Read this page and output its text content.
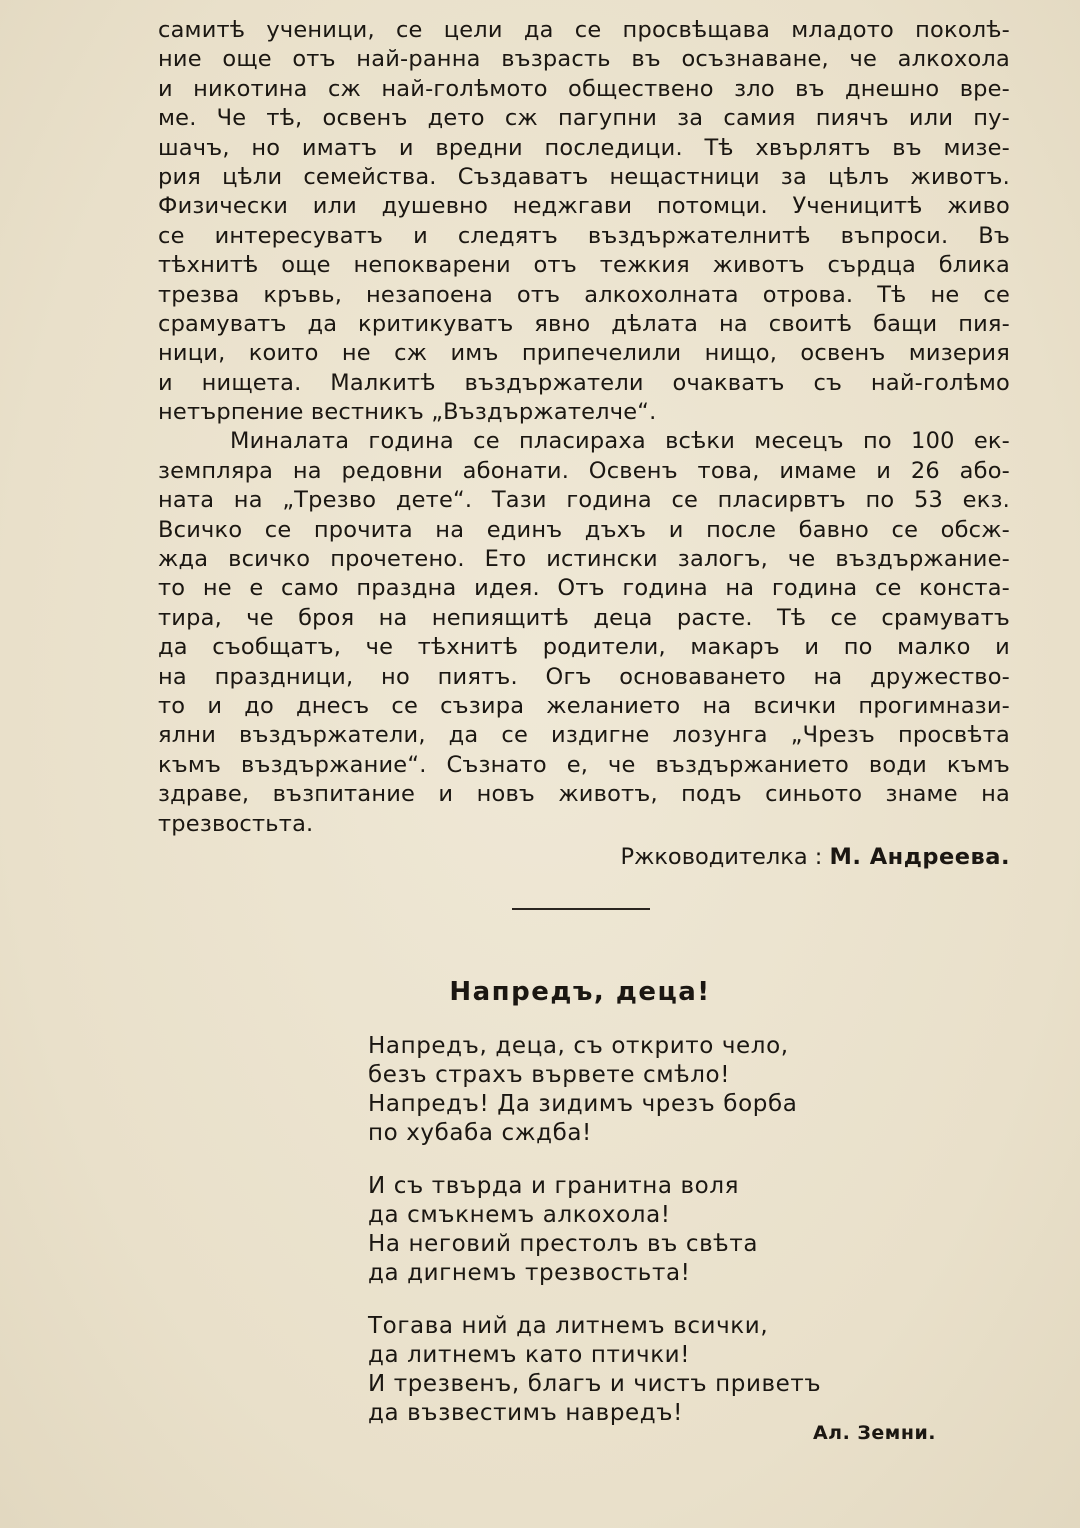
самитѣ ученици, се цели да се просвѣщава младото поколѣ-
ние още отъ най-ранна възрасть въ осъзнаване, че алкохола
и никотина сж най-голѣмото обществено зло въ днешно вре-
ме. Че тѣ, освенъ дето сж пагупни за самия пиячъ или пу-
шачъ, но иматъ и вредни последици. Тѣ хвърлятъ въ мизе-
рия цѣли семейства. Създаватъ нещастници за цѣлъ животъ.
Физически или душевно неджгави потомци. Ученицитѣ живо
се интересуватъ и следятъ въздържателнитѣ въпроси. Въ
тѣхнитѣ още непокварени отъ тежкия животъ сърдца блика
трезва кръвь, незапоена отъ алкохолната отрова. Тѣ не се
срамуватъ да критикуватъ явно дѣлата на своитѣ бащи пия-
ници, които не сж имъ припечелили нищо, освенъ мизерия
и нищета. Малкитѣ въздържатели очакватъ съ най-голѣмо
нетърпение вестникъ „Въздържателче“.
Миналата година се пласираха всѣки месецъ по 100 ек-
земпляра на редовни абонати. Освенъ това, имаме и 26 або-
ната на „Трезво дете“. Тази година се пласирвтъ по 53 екз.
Всичко се прочита на единъ дъхъ и после бавно се обсж-
жда всичко прочетено. Ето истински залогъ, че въздържание-
то не е само празднa идея. Отъ година на година се конста-
тира, че броя на непиящитѣ деца расте. Тѣ се срамуватъ
да съобщатъ, че тѣхнитѣ родители, макаръ и по малко и
на праздници, но пиятъ. Огъ основаването на дружество-
то и до днесъ се съзира желанието на всички прогимнази-
ялни въздържатели, да се издигне лозунга „Чрезъ просвѣта
къмъ въздържание“. Съзнато е, че въздържанието води къмъ
здраве, възпитание и новъ животъ, подъ синьото знаме на
трезвостьта.
Ржководителка : М. Андреева.
Напредъ, деца!
Напредъ, деца, съ открито чело,
безъ страхъ вървете смѣло!
Напредъ! Да зидимъ чрезъ борба
по хубаба сждба!
И съ твърда и гранитна воля
да смъкнемъ алкохола!
На неговий престолъ въ свѣта
да дигнемъ трезвостьта!
Тогава ний да литнемъ всички,
да литнемъ като птички!
И трезвенъ, благъ и чистъ приветъ
да възвестимъ навредъ!
Ал. Земни.
